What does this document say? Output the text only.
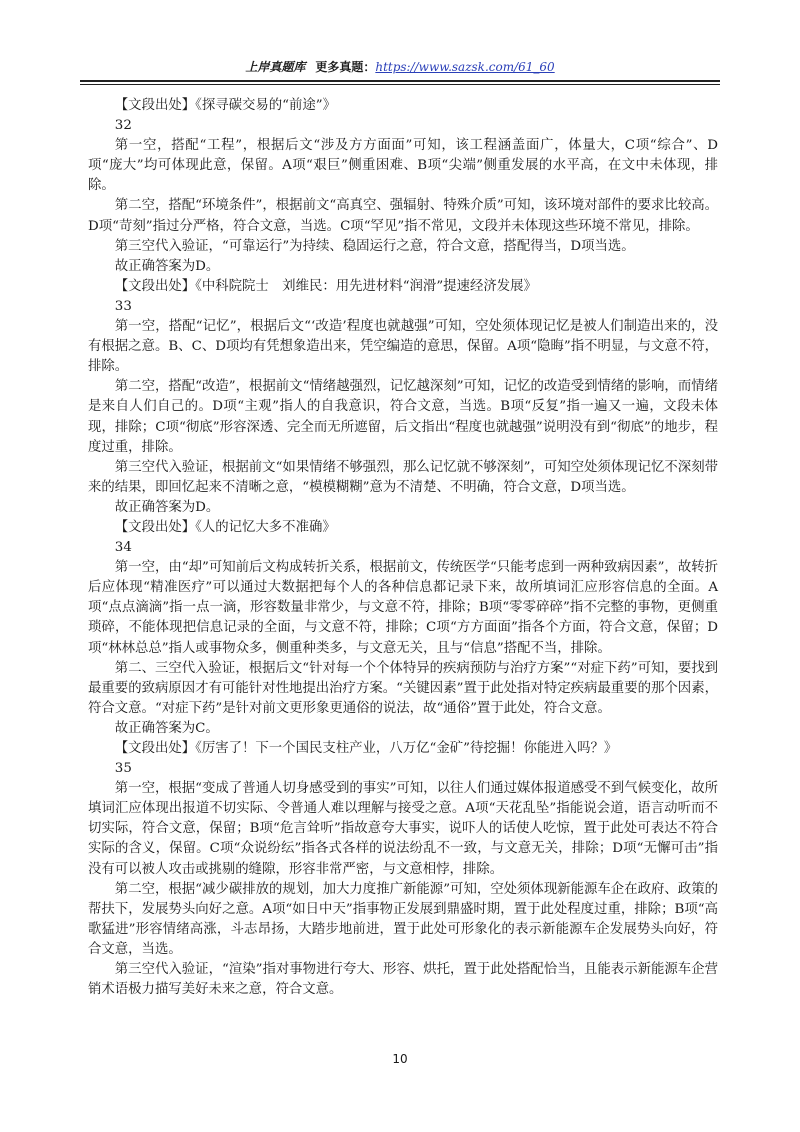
上岸真题库 更多真题：https://www.sazsk.com/61_60

【文段出处】《探寻碳交易的“前途”》

32

第一空，搭配“工程”，根据后文“涉及方方面面”可知，该工程涵盖面广，体量大，C项“综合”、D项“庞大”均可体现此意，保留。A项“艰巨”侧重困难、B项“尖端”侧重发展的水平高，在文中未体现，排除。

第二空，搭配“环境条件”，根据前文“高真空、强辐射、特殊介质”可知，该环境对部件的要求比较高。D项“苛刻”指过分严格，符合文意，当选。C项“罕见”指不常见，文段并未体现这些环境不常见，排除。

第三空代入验证，“可靠运行”为持续、稳固运行之意，符合文意，搭配得当，D项当选。

故正确答案为D。

【文段出处】《中科院院士　刘维民：用先进材料“润滑”提速经济发展》

33

第一空，搭配“记忆”，根据后文“‘改造’程度也就越强”可知，空处须体现记忆是被人们制造出来的，没有根据之意。B、C、D项均有凭想象造出来，凭空编造的意思，保留。A项“隐晦”指不明显，与文意不符，排除。

第二空，搭配“改造”，根据前文“情绪越强烈，记忆越深刻”可知，记忆的改造受到情绪的影响，而情绪是来自人们自己的。D项“主观”指人的自我意识，符合文意，当选。B项“反复”指一遍又一遍，文段未体现，排除；C项“彻底”形容深透、完全而无所遮留，后文指出“程度也就越强”说明没有到“彻底”的地步，程度过重，排除。

第三空代入验证，根据前文“如果情绪不够强烈，那么记忆就不够深刻”，可知空处须体现记忆不深刻带来的结果，即回忆起来不清晰之意，“模模糊糊”意为不清楚、不明确，符合文意，D项当选。

故正确答案为D。

【文段出处】《人的记忆大多不准确》

34

第一空，由“却”可知前后文构成转折关系，根据前文，传统医学“只能考虑到一两种致病因素”，故转折后应体现“精准医疗”可以通过大数据把每个人的各种信息都记录下来，故所填词汇应形容信息的全面。A项“点点滴滴”指一点一滴，形容数量非常少，与文意不符，排除；B项“零零碎碎”指不完整的事物，更侧重琐碎，不能体现把信息记录的全面，与文意不符，排除；C项“方方面面”指各个方面，符合文意，保留；D项“林林总总”指人或事物众多，侧重种类多，与文意无关，且与“信息”搭配不当，排除。

第二、三空代入验证，根据后文“针对每一个个体特异的疾病预防与治疗方案”“对症下药”可知，要找到最重要的致病原因才有可能针对性地提出治疗方案。“关键因素”置于此处指对特定疾病最重要的那个因素，符合文意。“对症下药”是针对前文更形象更通俗的说法，故“通俗”置于此处，符合文意。

故正确答案为C。

【文段出处】《厉害了！下一个国民支柱产业，八万亿“金矿”待挖掘！你能进入吗？》

35

第一空，根据“变成了普通人切身感受到的事实”可知，以往人们通过媒体报道感受不到气候变化，故所填词汇应体现出报道不切实际、令普通人难以理解与接受之意。A项“天花乱坠”指能说会道，语言动听而不切实际，符合文意，保留；B项“危言耸听”指故意夸大事实，说吓人的话使人吃惊，置于此处可表达不符合实际的含义，保留。C项“众说纷纭”指各式各样的说法纷乱不一致，与文意无关，排除；D项“无懈可击”指没有可以被人攻击或挑剔的缝隙，形容非常严密，与文意相悖，排除。

第二空，根据“减少碳排放的规划，加大力度推广新能源”可知，空处须体现新能源车企在政府、政策的帮扶下，发展势头向好之意。A项“如日中天”指事物正发展到鼎盛时期，置于此处程度过重，排除；B项“高歌猛进”形容情绪高涨，斗志昂扬，大踏步地前进，置于此处可形象化的表示新能源车企发展势头向好，符合文意，当选。

第三空代入验证，“渲染”指对事物进行夸大、形容、烘托，置于此处搭配恰当，且能表示新能源车企营销术语极力描写美好未来之意，符合文意。

10
